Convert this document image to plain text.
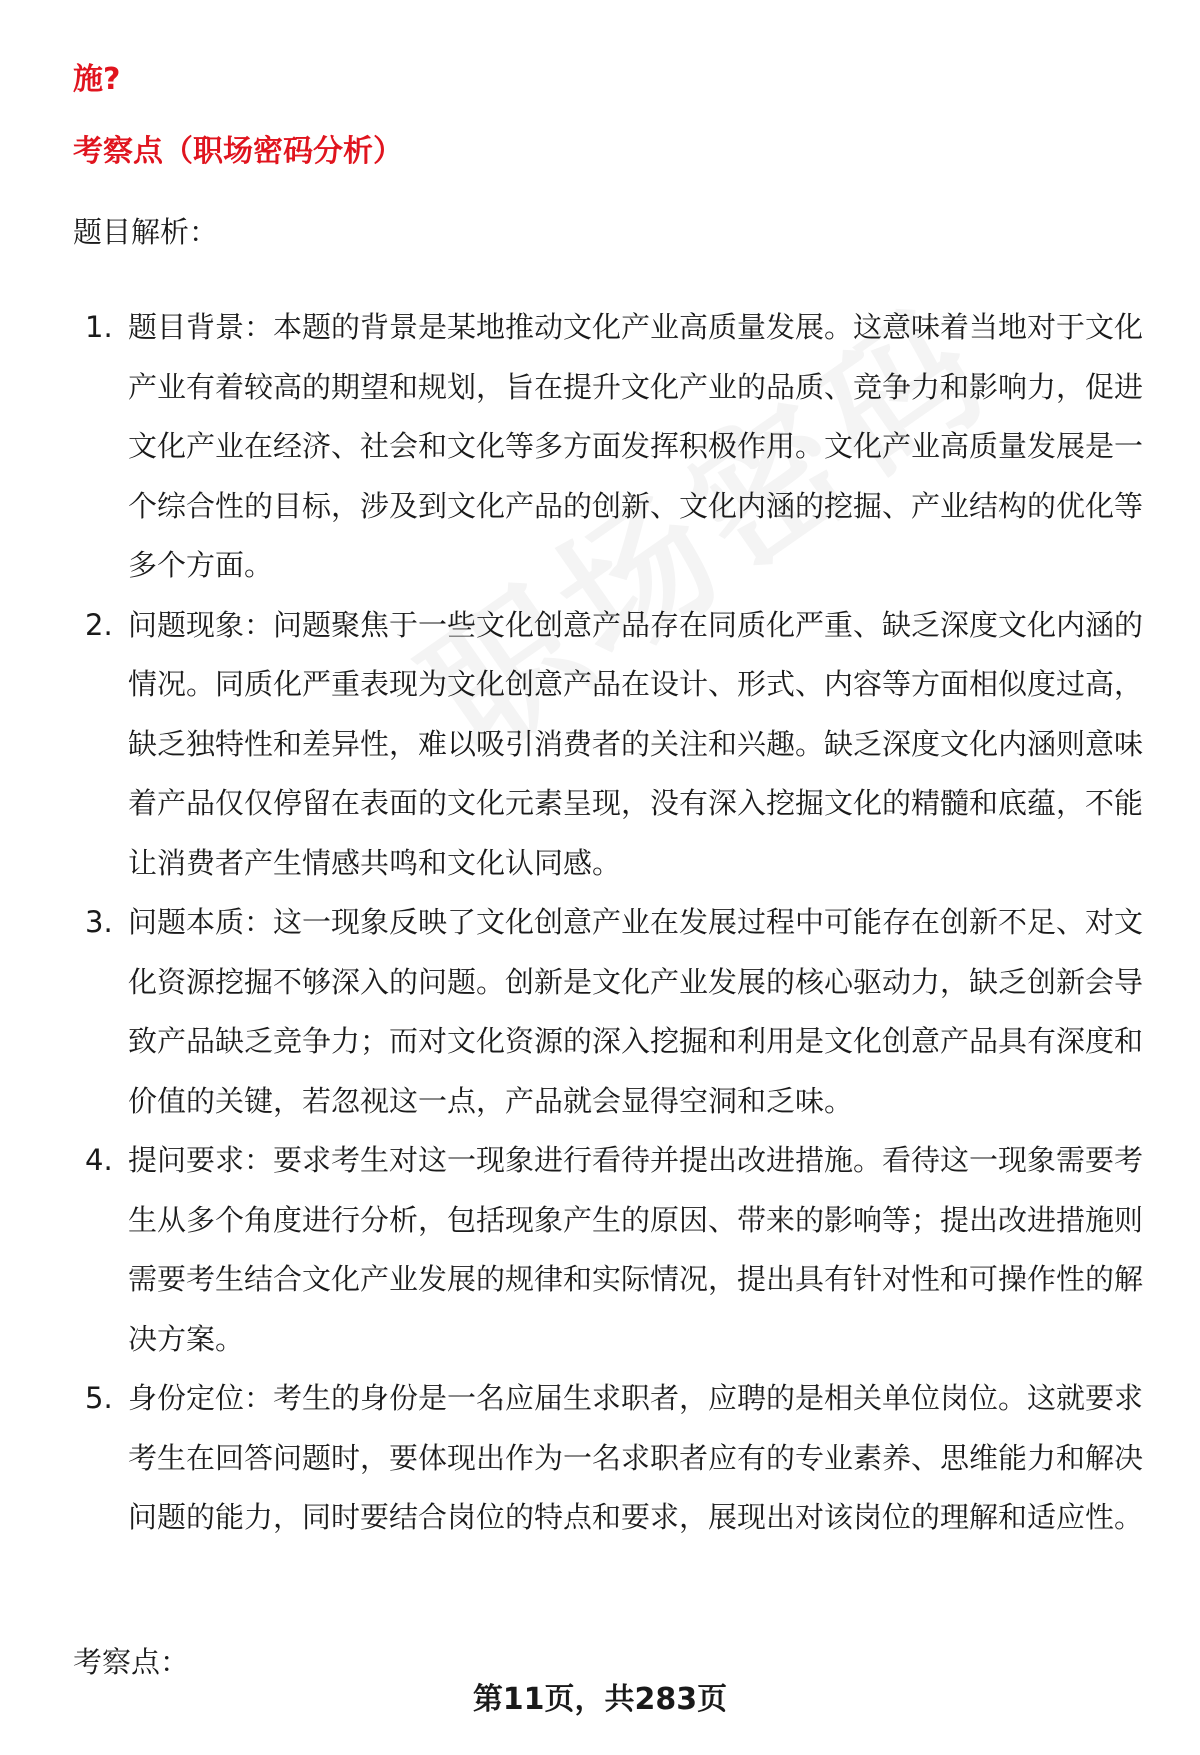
施?

考察点（职场密码分析）

题目解析：

1. 题目背景：本题的背景是某地推动文化产业高质量发展。这意味着当地对于文化产业有着较高的期望和规划，旨在提升文化产业的品质、竞争力和影响力，促进文化产业在经济、社会和文化等多方面发挥积极作用。文化产业高质量发展是一个综合性的目标，涉及到文化产品的创新、文化内涵的挖掘、产业结构的优化等多个方面。
2. 问题现象：问题聚焦于一些文化创意产品存在同质化严重、缺乏深度文化内涵的情况。同质化严重表现为文化创意产品在设计、形式、内容等方面相似度过高，缺乏独特性和差异性，难以吸引消费者的关注和兴趣。缺乏深度文化内涵则意味着产品仅仅停留在表面的文化元素呈现，没有深入挖掘文化的精髓和底蕴，不能让消费者产生情感共鸣和文化认同感。
3. 问题本质：这一现象反映了文化创意产业在发展过程中可能存在创新不足、对文化资源挖掘不够深入的问题。创新是文化产业发展的核心驱动力，缺乏创新会导致产品缺乏竞争力；而对文化资源的深入挖掘和利用是文化创意产品具有深度和价值的关键，若忽视这一点，产品就会显得空洞和乏味。
4. 提问要求：要求考生对这一现象进行看待并提出改进措施。看待这一现象需要考生从多个角度进行分析，包括现象产生的原因、带来的影响等；提出改进措施则需要考生结合文化产业发展的规律和实际情况，提出具有针对性和可操作性的解决方案。
5. 身份定位：考生的身份是一名应届生求职者，应聘的是相关单位岗位。这就要求考生在回答问题时，要体现出作为一名求职者应有的专业素养、思维能力和解决问题的能力，同时要结合岗位的特点和要求，展现出对该岗位的理解和适应性。

考察点：

第11页，共283页
